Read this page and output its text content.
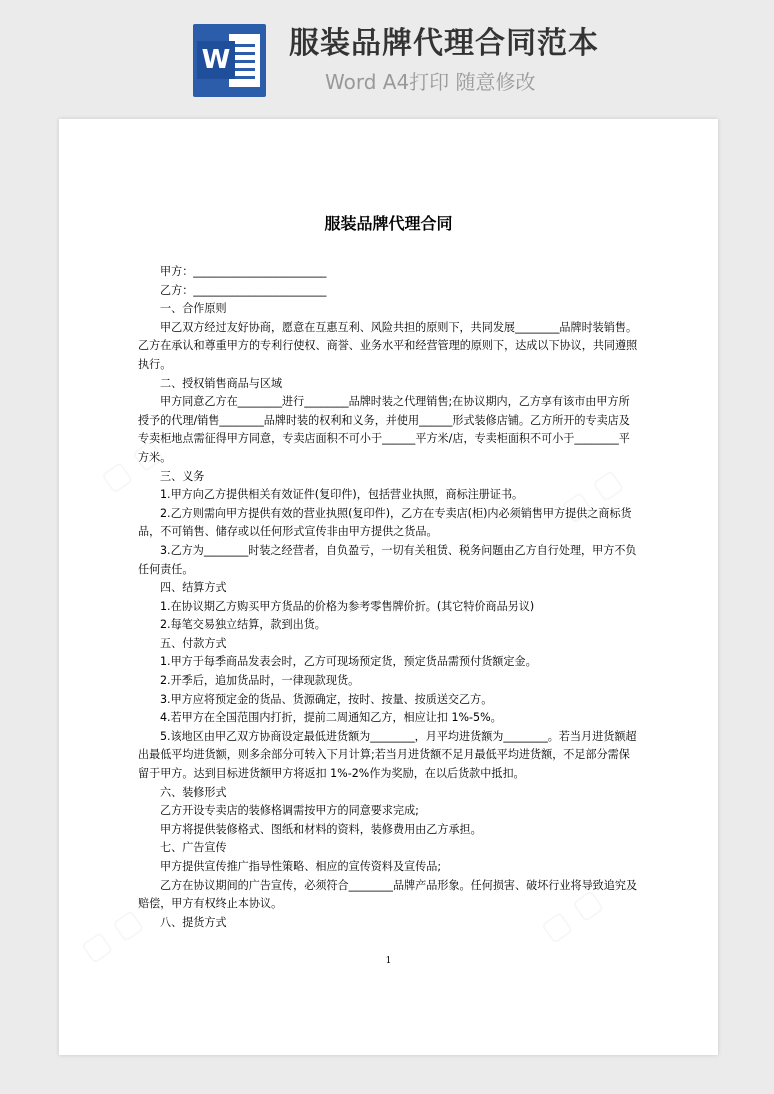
W 服装品牌代理合同范本
Word A4打印 随意修改
服装品牌代理合同

甲方：________________________

乙方：________________________

一、合作原则

甲乙双方经过友好协商，愿意在互惠互利、风险共担的原则下，共同发展________品牌时装销售。乙方在承认和尊重甲方的专利行使权、商誉、业务水平和经营管理的原则下，达成以下协议，共同遵照执行。

二、授权销售商品与区域

甲方同意乙方在________进行________品牌时装之代理销售;在协议期内，乙方享有该市由甲方所授予的代理/销售________品牌时装的权利和义务，并使用______形式装修店铺。乙方所开的专卖店及专卖柜地点需征得甲方同意，专卖店面积不可小于______平方米/店，专卖柜面积不可小于________平方米。

三、义务

1.甲方向乙方提供相关有效证件(复印件)，包括营业执照，商标注册证书。

2.乙方则需向甲方提供有效的营业执照(复印件)，乙方在专卖店(柜)内必须销售甲方提供之商标货品，不可销售、储存或以任何形式宣传非由甲方提供之货品。

3.乙方为________时装之经营者，自负盈亏，一切有关租赁、税务问题由乙方自行处理，甲方不负任何责任。

四、结算方式

1.在协议期乙方购买甲方货品的价格为参考零售牌价折。(其它特价商品另议)

2.每笔交易独立结算，款到出货。

五、付款方式

1.甲方于每季商品发表会时，乙方可现场预定货，预定货品需预付货额定金。

2.开季后，追加货品时，一律现款现货。

3.甲方应将预定金的货品、货源确定，按时、按量、按质送交乙方。

4.若甲方在全国范围内打折，提前二周通知乙方，相应让扣 1%-5%。

5.该地区由甲乙双方协商设定最低进货额为________，月平均进货额为________。若当月进货额超出最低平均进货额，则多余部分可转入下月计算;若当月进货额不足月最低平均进货额，不足部分需保留于甲方。达到目标进货额甲方将返扣 1%-2%作为奖励，在以后货款中抵扣。

六、装修形式

乙方开设专卖店的装修格调需按甲方的同意要求完成;

甲方将提供装修格式、图纸和材料的资料，装修费用由乙方承担。

七、广告宣传

甲方提供宣传推广指导性策略、相应的宣传资料及宣传品;

乙方在协议期间的广告宣传，必须符合________品牌产品形象。任何损害、破坏行业将导致追究及赔偿，甲方有权终止本协议。

八、提货方式

1
